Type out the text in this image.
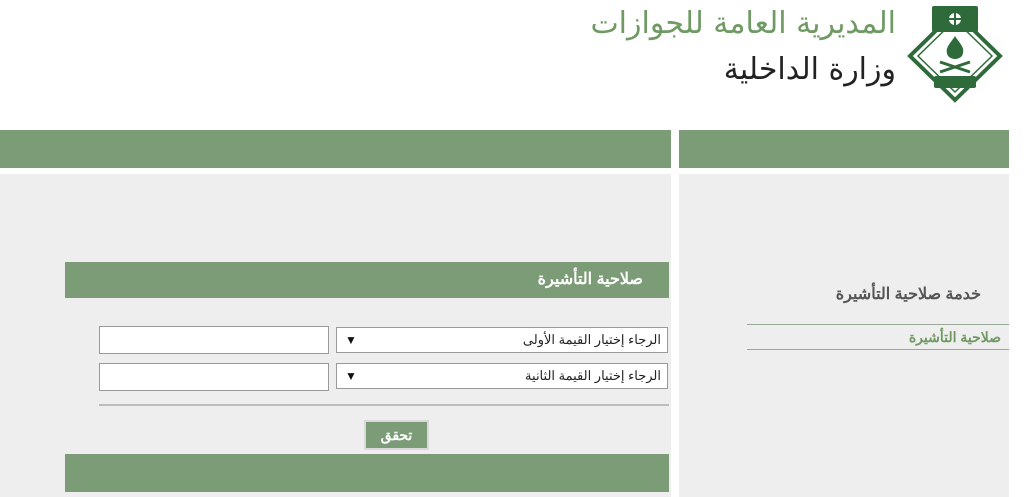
المديرية العامة للجوازات
وزارة الداخلية
صلاحية التأشيرة
الرجاء إختيار القيمة الأولى
▼
الرجاء إختيار القيمة الثانية
▼
تحقق
خدمة صلاحية التأشيرة
صلاحية التأشيرة
